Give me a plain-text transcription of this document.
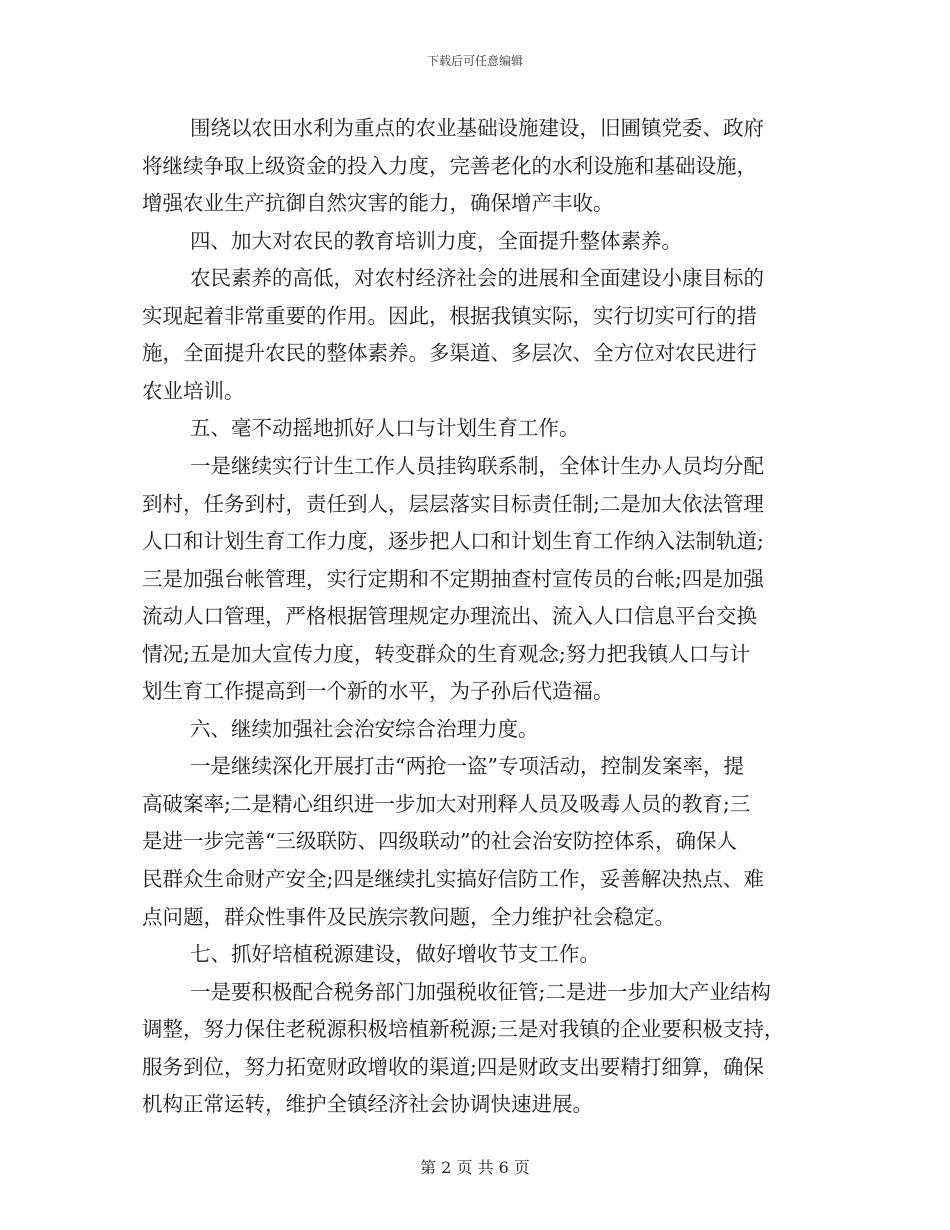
下载后可任意编辑
围绕以农田水利为重点的农业基础设施建设，旧圃镇党委、政府
将继续争取上级资金的投入力度，完善老化的水利设施和基础设施，
增强农业生产抗御自然灾害的能力，确保增产丰收。
四、加大对农民的教育培训力度，全面提升整体素养。
农民素养的高低，对农村经济社会的进展和全面建设小康目标的
实现起着非常重要的作用。因此，根据我镇实际，实行切实可行的措
施，全面提升农民的整体素养。多渠道、多层次、全方位对农民进行
农业培训。
五、毫不动摇地抓好人口与计划生育工作。
一是继续实行计生工作人员挂钩联系制，全体计生办人员均分配
到村，任务到村，责任到人，层层落实目标责任制;二是加大依法管理
人口和计划生育工作力度，逐步把人口和计划生育工作纳入法制轨道;
三是加强台帐管理，实行定期和不定期抽查村宣传员的台帐;四是加强
流动人口管理，严格根据管理规定办理流出、流入人口信息平台交换
情况;五是加大宣传力度，转变群众的生育观念;努力把我镇人口与计
划生育工作提高到一个新的水平，为子孙后代造福。
六、继续加强社会治安综合治理力度。
一是继续深化开展打击“两抢一盗”专项活动，控制发案率，提
高破案率;二是精心组织进一步加大对刑释人员及吸毒人员的教育;三
是进一步完善“三级联防、四级联动”的社会治安防控体系，确保人
民群众生命财产安全;四是继续扎实搞好信防工作，妥善解决热点、难
点问题，群众性事件及民族宗教问题，全力维护社会稳定。
七、抓好培植税源建设，做好增收节支工作。
一是要积极配合税务部门加强税收征管;二是进一步加大产业结构
调整，努力保住老税源积极培植新税源;三是对我镇的企业要积极支持，
服务到位，努力拓宽财政增收的渠道;四是财政支出要精打细算，确保
机构正常运转，维护全镇经济社会协调快速进展。
第 2 页 共 6 页
